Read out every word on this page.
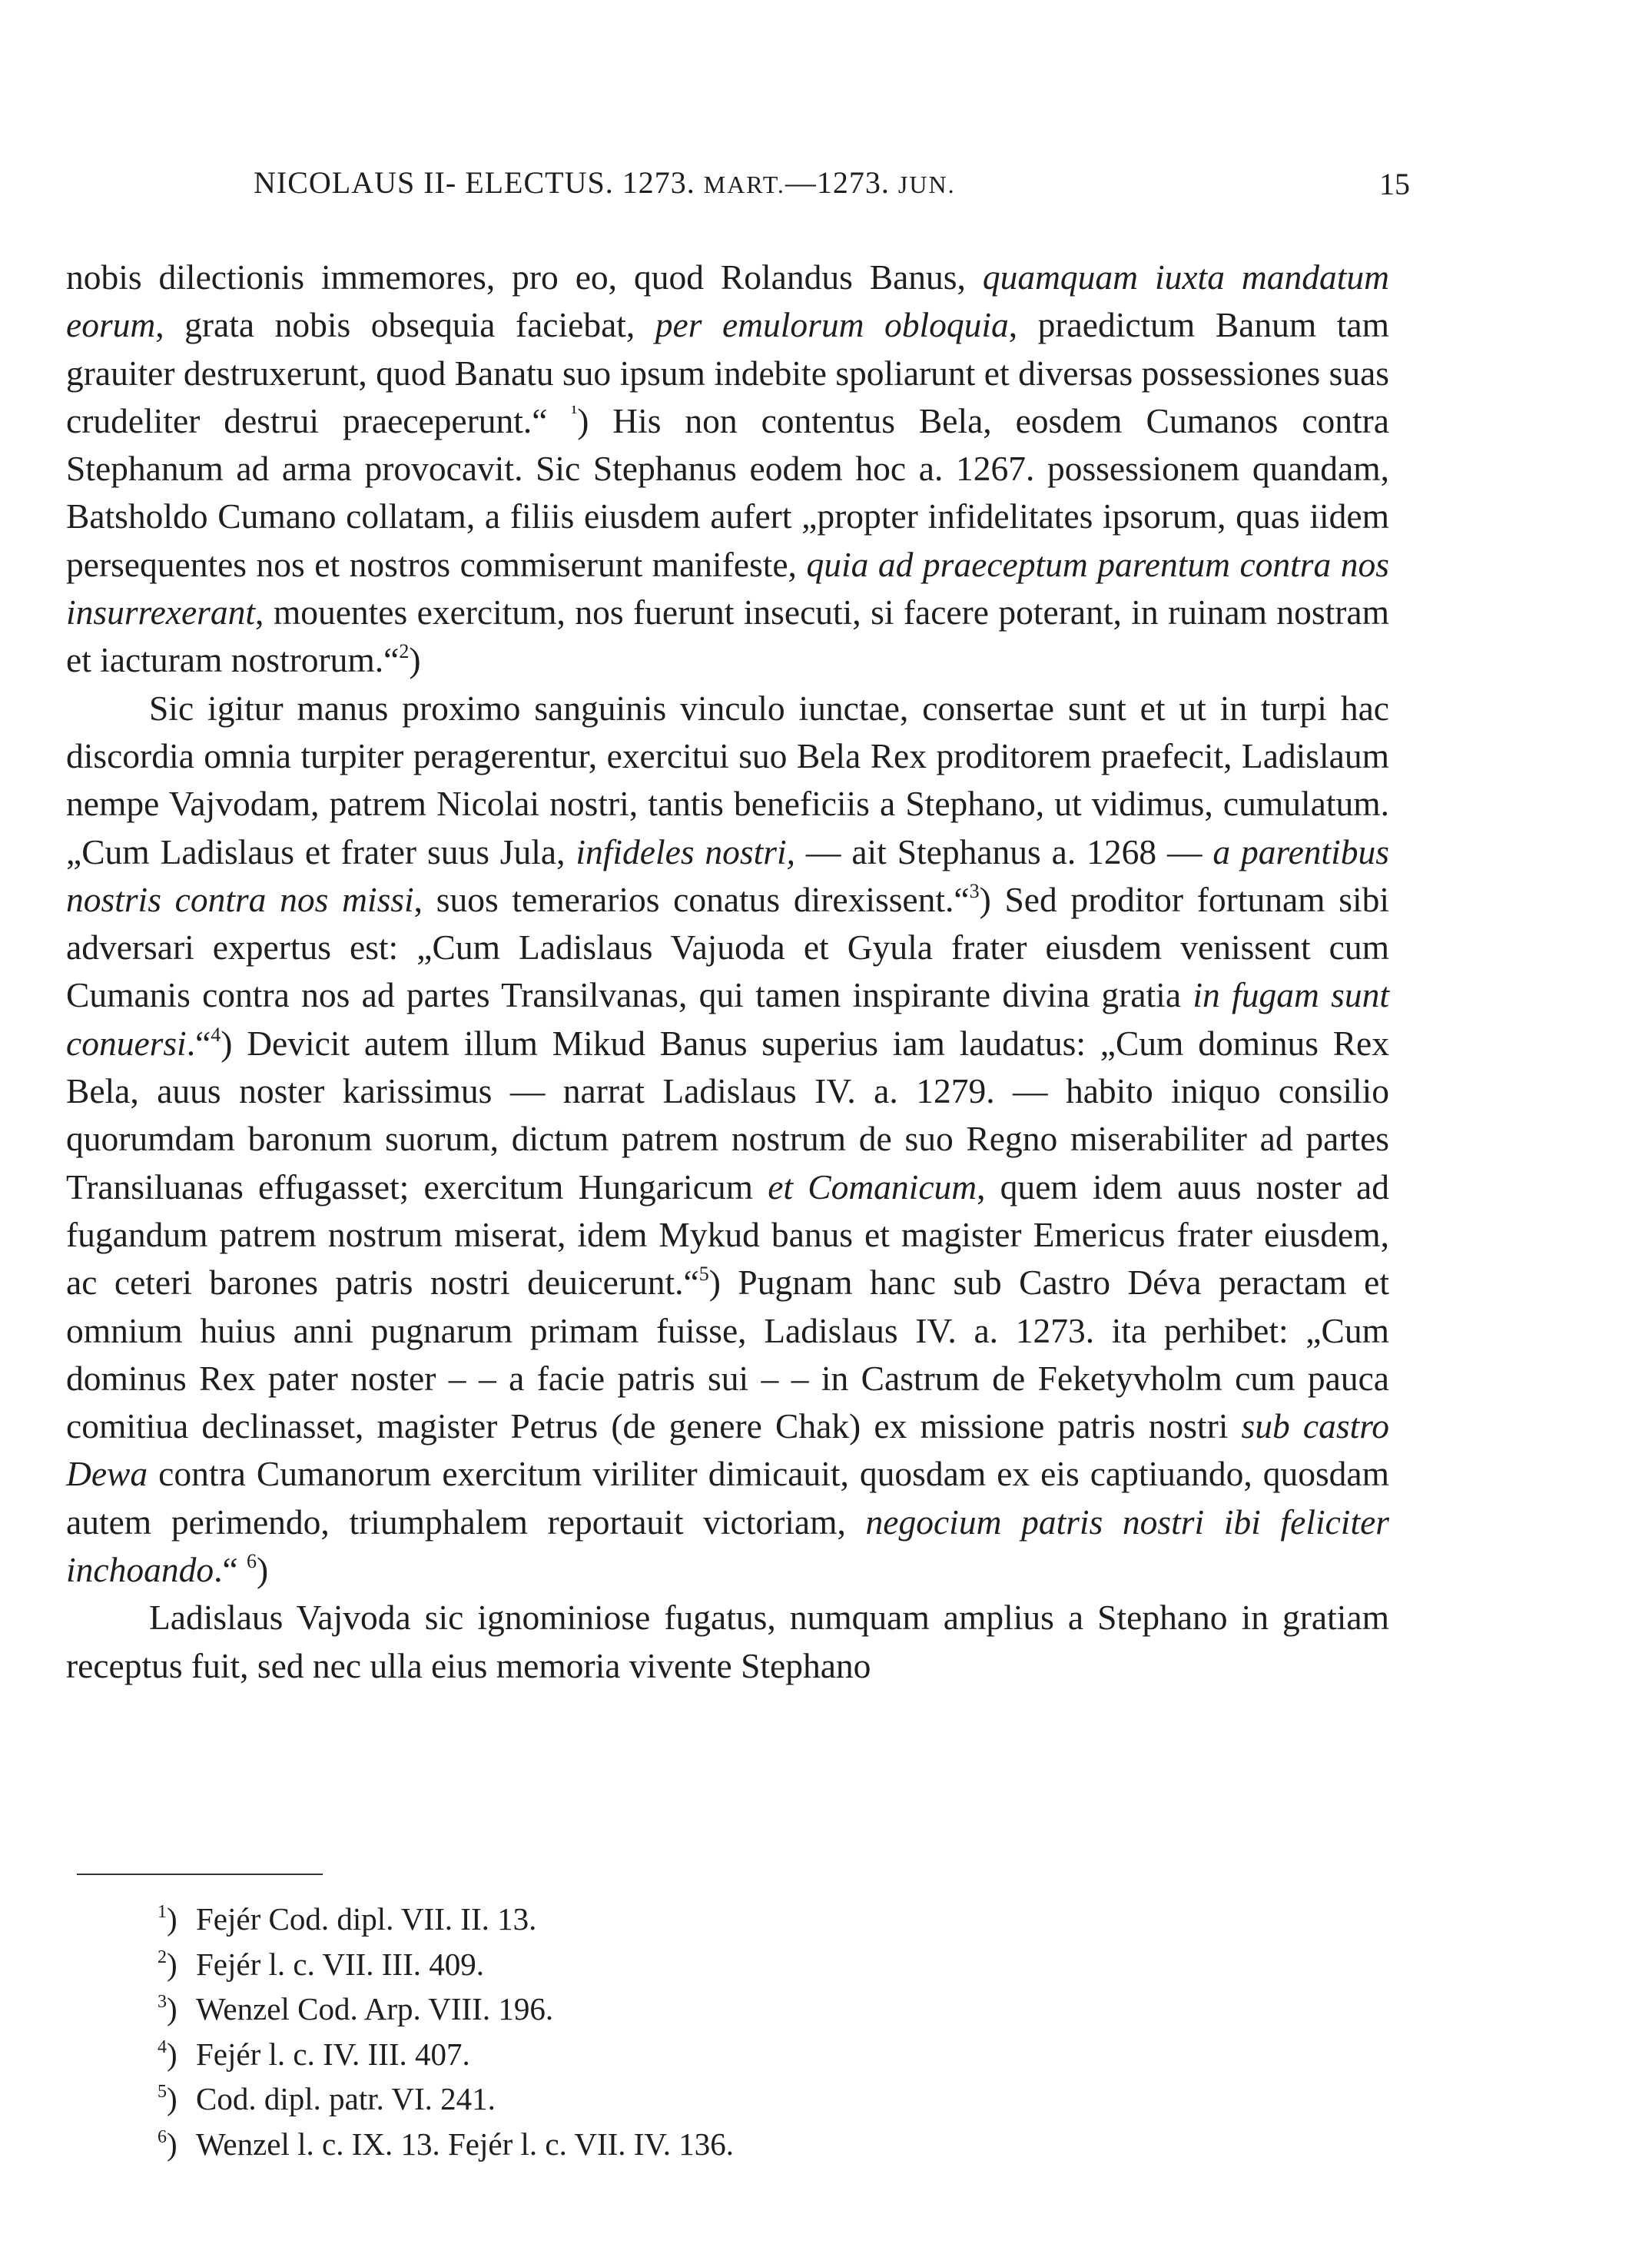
NICOLAUS II- ELECTUS. 1273. MART.—1273. JUN.	15

nobis dilectionis immemores, pro eo, quod Rolandus Banus, quamquam iuxta mandatum eorum, grata nobis obsequia faciebat, per emulorum obloquia, praedictum Banum tam grauiter destruxerunt, quod Banatu suo ipsum indebite spoliarunt et diversas possessiones suas crudeliter destrui praeceperunt.“ $^{^1}$) His non contentus Bela, eosdem Cumanos contra Stephanum ad arma provocavit. Sic Stephanus eodem hoc a. 1267. possessionem quandam, Batsholdo Cumano collatam, a filiis eiusdem aufert „propter infidelitates ipsorum, quas iidem persequentes nos et nostros commiserunt manifeste, quia ad praeceptum parentum contra nos insurrexerant, mouentes exercitum, nos fuerunt insecuti, si facere poterant, in ruinam nostram et iacturam nostrorum.“$^2$)

Sic igitur manus proximo sanguinis vinculo iunctae, consertae sunt et ut in turpi hac discordia omnia turpiter peragerentur, exercitui suo Bela Rex proditorem praefecit, Ladislaum nempe Vajvodam, patrem Nicolai nostri, tantis beneficiis a Stephano, ut vidimus, cumulatum. „Cum Ladislaus et frater suus Jula, infideles nostri, — ait Stephanus a. 1268 — a parentibus nostris contra nos missi, suos temerarios conatus direxissent.“$^3$) Sed proditor fortunam sibi adversari expertus est: „Cum Ladislaus Vajuoda et Gyula frater eiusdem venissent cum Cumanis contra nos ad partes Transilvanas, qui tamen inspirante divina gratia in fugam sunt conuersi.“$^4$) Devicit autem illum Mikud Banus superius iam laudatus: „Cum dominus Rex Bela, auus noster karissimus — narrat Ladislaus IV. a. 1279. — habito iniquo consilio quorumdam baronum suorum, dictum patrem nostrum de suo Regno miserabiliter ad partes Transiluanas effugasset; exercitum Hungaricum et Comanicum, quem idem auus noster ad fugandum patrem nostrum miserat, idem Mykud banus et magister Emericus frater eiusdem, ac ceteri barones patris nostri deuicerunt.“$^5$) Pugnam hanc sub Castro Déva peractam et omnium huius anni pugnarum primam fuisse, Ladislaus IV. a. 1273. ita perhibet: „Cum dominus Rex pater noster – – a facie patris sui – – in Castrum de Feketyvholm cum pauca comitiua declinasset, magister Petrus (de genere Chak) ex missione patris nostri sub castro Dewa contra Cumanorum exercitum viriliter dimicauit, quosdam ex eis captiuando, quosdam autem perimendo, triumphalem reportauit victoriam, negocium patris nostri ibi feliciter inchoando.“ $^6$)

Ladislaus Vajvoda sic ignominiose fugatus, numquam amplius a Stephano in gratiam receptus fuit, sed nec ulla eius memoria vivente Stephano

$^1$) Fejér Cod. dipl. VII. II. 13.
$^2$) Fejér l. c. VII. III. 409.
$^3$) Wenzel Cod. Arp. VIII. 196.
$^4$) Fejér l. c. IV. III. 407.
$^5$) Cod. dipl. patr. VI. 241.
$^6$) Wenzel l. c. IX. 13. Fejér l. c. VII. IV. 136.
